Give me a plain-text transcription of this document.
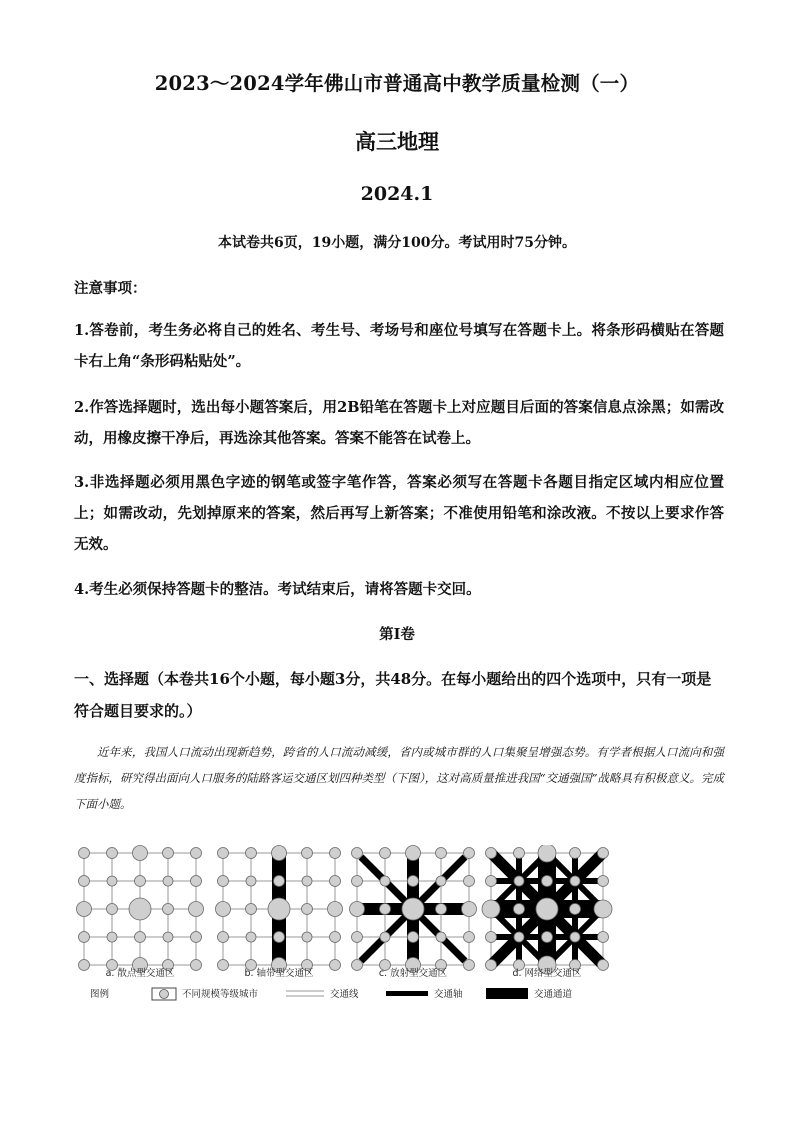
2023～2024学年佛山市普通高中教学质量检测（一）
高三地理
2024.1
本试卷共6页，19小题，满分100分。考试用时75分钟。
注意事项：
1.答卷前，考生务必将自己的姓名、考生号、考场号和座位号填写在答题卡上。将条形码横贴在答题卡右上角“条形码粘贴处”。
2.作答选择题时，选出每小题答案后，用2B铅笔在答题卡上对应题目后面的答案信息点涂黑；如需改动，用橡皮擦干净后，再选涂其他答案。答案不能答在试卷上。
3.非选择题必须用黑色字迹的钢笔或签字笔作答，答案必须写在答题卡各题目指定区域内相应位置上；如需改动，先划掉原来的答案，然后再写上新答案；不准使用铅笔和涂改液。不按以上要求作答无效。
4.考生必须保持答题卡的整洁。考试结束后，请将答题卡交回。
第Ⅰ卷
一、选择题（本卷共16个小题，每小题3分，共48分。在每小题给出的四个选项中，只有一项是符合题目要求的。）
近年来，我国人口流动出现新趋势，跨省的人口流动减缓，省内或城市群的人口集聚呈增强态势。有学者根据人口流向和强度指标，研究得出面向人口服务的陆路客运交通区划四种类型（下图），这对高质量推进我国“交通强国”战略具有积极意义。完成下面小题。
a. 散点型交通区	b. 轴带型交通区	c. 放射型交通区	d. 网络型交通区
图例	不同规模等级城市	交通线	交通轴	交通通道
